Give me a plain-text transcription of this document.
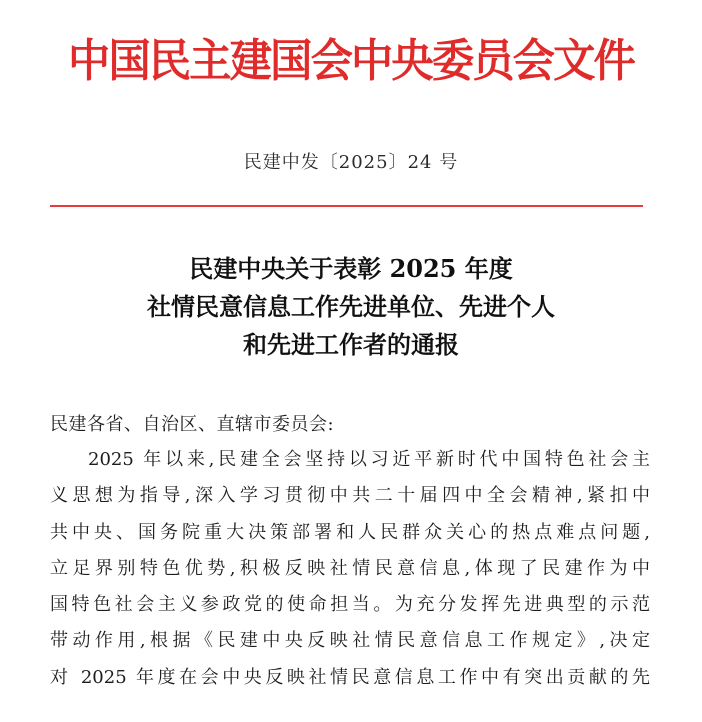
中国民主建国会中央委员会文件
民建中发〔2025〕24 号
民建中央关于表彰 2025 年度
社情民意信息工作先进单位、先进个人
和先进工作者的通报
民建各省、自治区、直辖市委员会:
2025 年以来,民建全会坚持以习近平新时代中国特色社会主
义思想为指导,深入学习贯彻中共二十届四中全会精神,紧扣中
共中央、国务院重大决策部署和人民群众关心的热点难点问题,
立足界别特色优势,积极反映社情民意信息,体现了民建作为中
国特色社会主义参政党的使命担当。为充分发挥先进典型的示范
带动作用,根据《民建中央反映社情民意信息工作规定》,决定
对 2025 年度在会中央反映社情民意信息工作中有突出贡献的先
